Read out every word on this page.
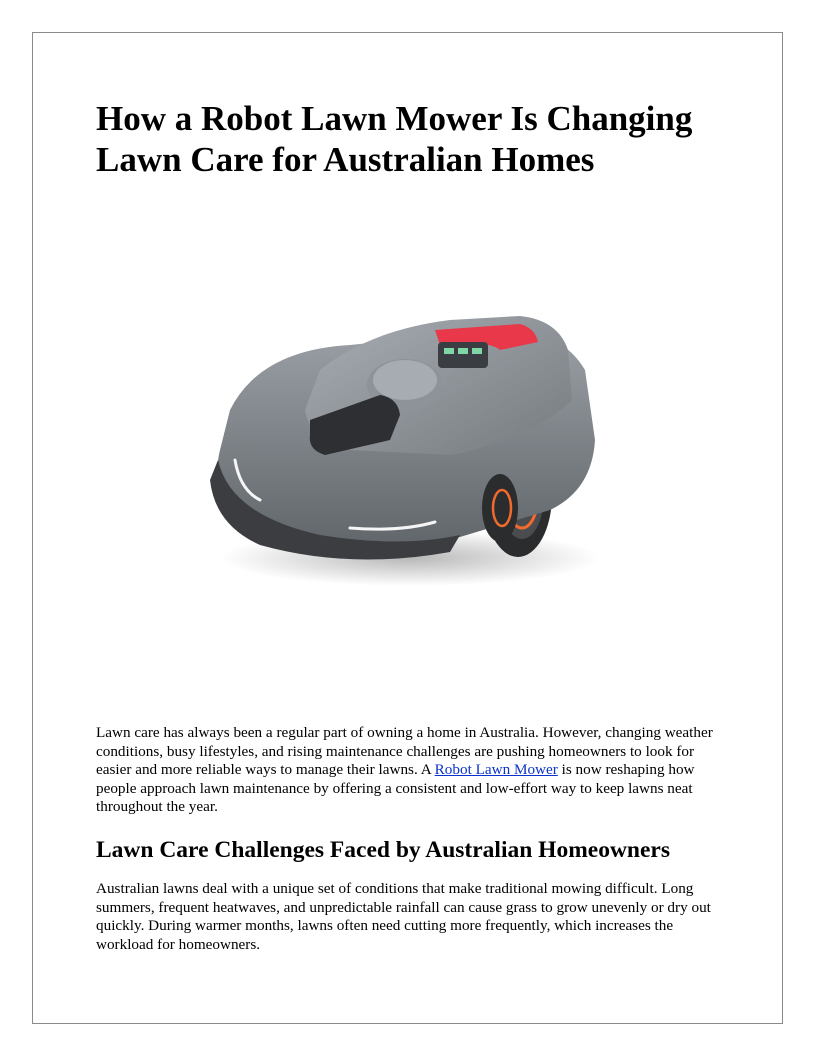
How a Robot Lawn Mower Is Changing Lawn Care for Australian Homes

Lawn care has always been a regular part of owning a home in Australia. However, changing weather conditions, busy lifestyles, and rising maintenance challenges are pushing homeowners to look for easier and more reliable ways to manage their lawns. A Robot Lawn Mower is now reshaping how people approach lawn maintenance by offering a consistent and low-effort way to keep lawns neat throughout the year.

Lawn Care Challenges Faced by Australian Homeowners

Australian lawns deal with a unique set of conditions that make traditional mowing difficult. Long summers, frequent heatwaves, and unpredictable rainfall can cause grass to grow unevenly or dry out quickly. During warmer months, lawns often need cutting more frequently, which increases the workload for homeowners.
